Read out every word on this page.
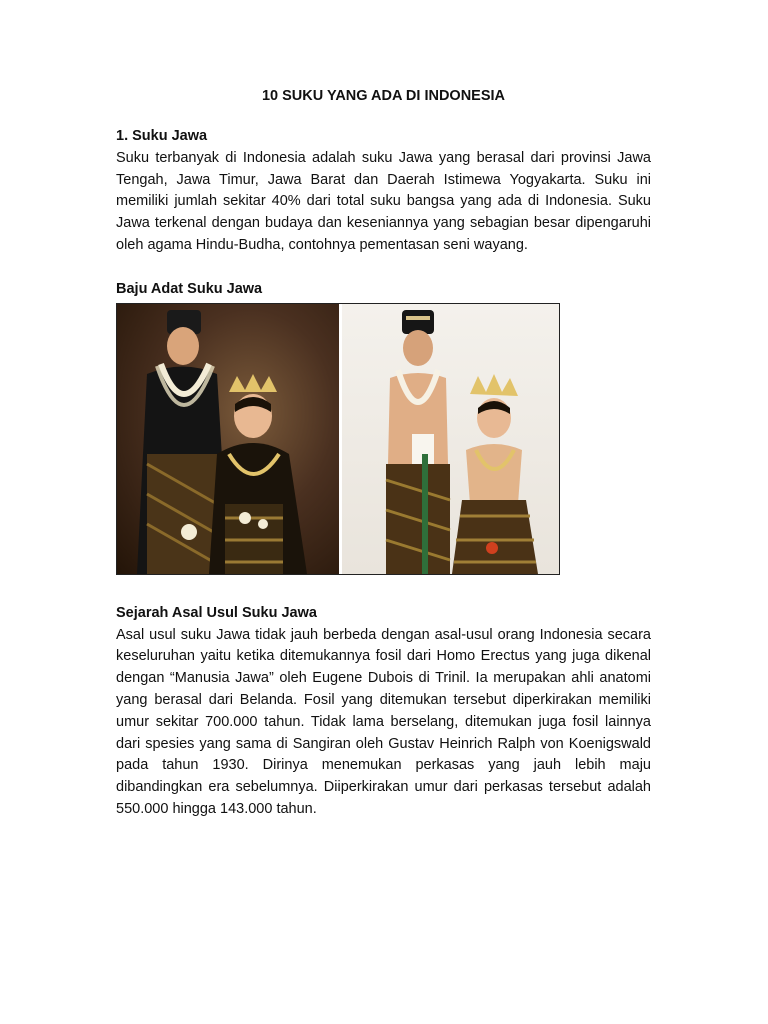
10 SUKU YANG ADA DI INDONESIA
1. Suku Jawa

Suku terbanyak di Indonesia adalah suku Jawa yang berasal dari provinsi Jawa Tengah, Jawa Timur, Jawa Barat dan Daerah Istimewa Yogyakarta. Suku ini memiliki jumlah sekitar 40% dari total suku bangsa yang ada di Indonesia. Suku Jawa terkenal dengan budaya dan keseniannya yang sebagian besar dipengaruhi oleh agama Hindu-Budha, contohnya pementasan seni wayang.

Baju Adat Suku Jawa
Sejarah Asal Usul Suku Jawa

Asal usul suku Jawa tidak jauh berbeda dengan asal-usul orang Indonesia secara keseluruhan yaitu ketika ditemukannya fosil dari Homo Erectus yang juga dikenal dengan “Manusia Jawa” oleh Eugene Dubois di Trinil. Ia merupakan ahli anatomi yang berasal dari Belanda. Fosil yang ditemukan tersebut diperkirakan memiliki umur sekitar 700.000 tahun. Tidak lama berselang, ditemukan juga fosil lainnya dari spesies yang sama di Sangiran oleh Gustav Heinrich Ralph von Koenigswald pada tahun 1930. Dirinya menemukan perkasas yang jauh lebih maju dibandingkan era sebelumnya. Diiperkirakan umur dari perkasas tersebut adalah 550.000 hingga 143.000 tahun.
